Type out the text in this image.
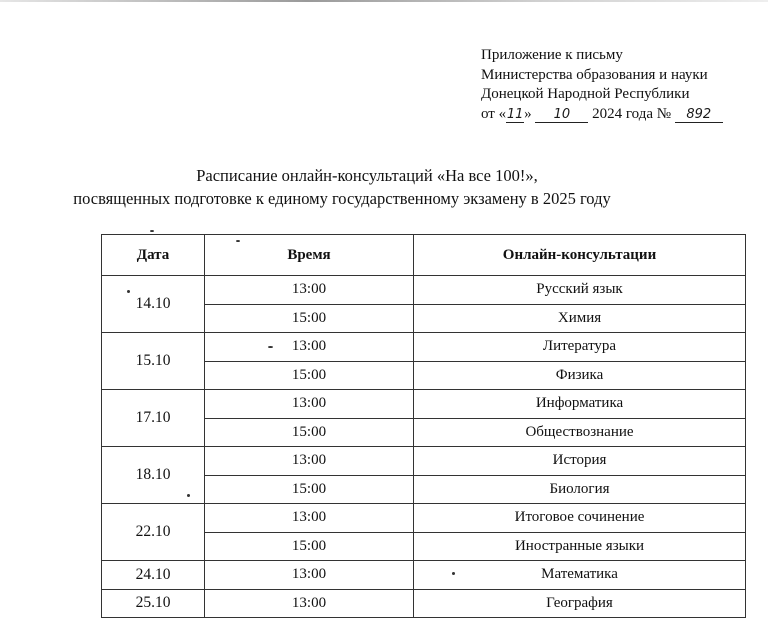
Приложение к письму
Министерства образования и науки
Донецкой Народной Республики
от «11» 10 2024 года № 892
Расписание онлайн-консультаций «На все 100!»,
посвященных подготовке к единому государственному экзамену в 2025 году
Дата	Время	Онлайн-консультации
14.10	13:00	Русский язык
	15:00	Химия
15.10	13:00	Литература
	15:00	Физика
17.10	13:00	Информатика
	15:00	Обществознание
18.10	13:00	История
	15:00	Биология
22.10	13:00	Итоговое сочинение
	15:00	Иностранные языки
24.10	13:00	Математика
25.10	13:00	География
